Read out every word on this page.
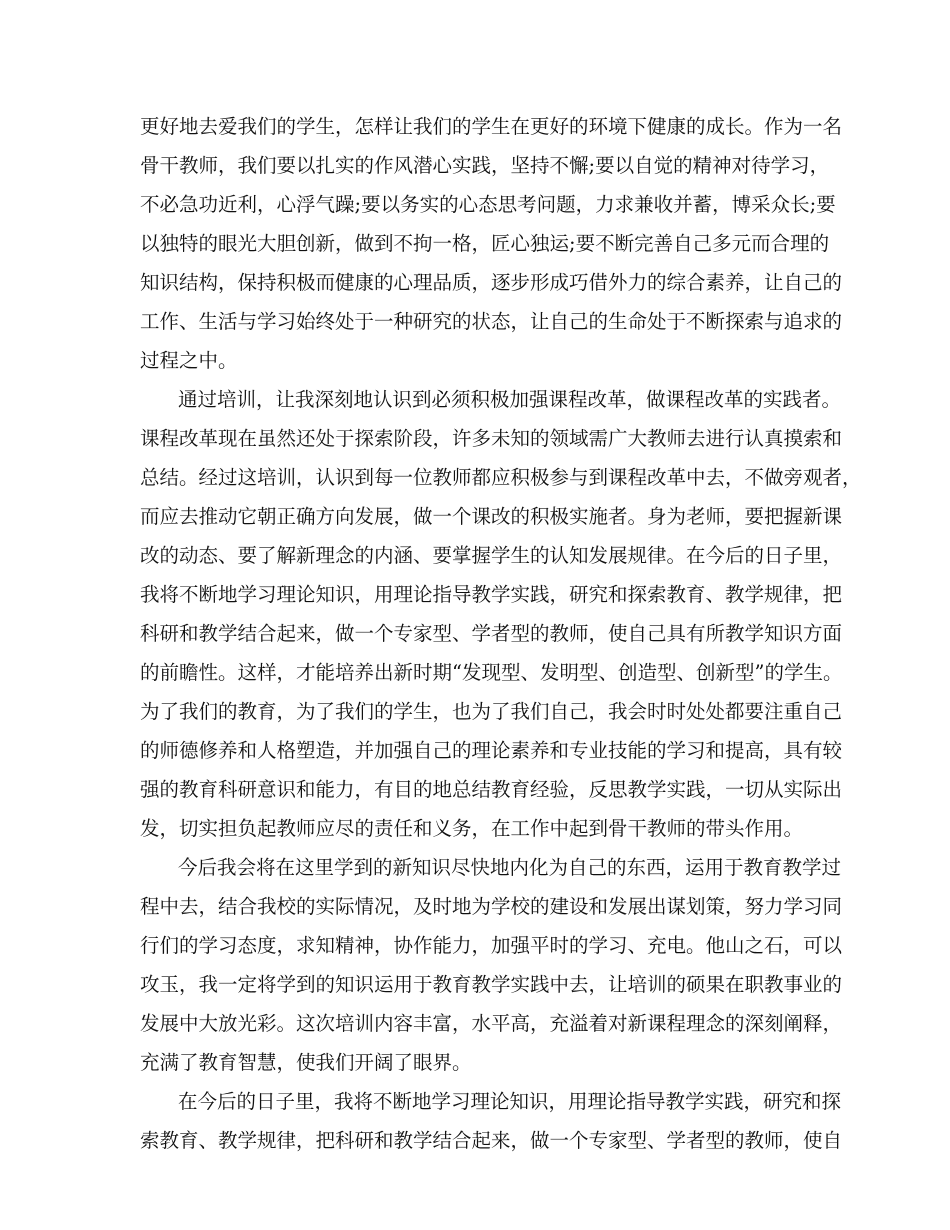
更好地去爱我们的学生，怎样让我们的学生在更好的环境下健康的成长。作为一名
骨干教师，我们要以扎实的作风潜心实践，坚持不懈;要以自觉的精神对待学习，
不必急功近利，心浮气躁;要以务实的心态思考问题，力求兼收并蓄，博采众长;要
以独特的眼光大胆创新，做到不拘一格，匠心独运;要不断完善自己多元而合理的
知识结构，保持积极而健康的心理品质，逐步形成巧借外力的综合素养，让自己的
工作、生活与学习始终处于一种研究的状态，让自己的生命处于不断探索与追求的
过程之中。
通过培训，让我深刻地认识到必须积极加强课程改革，做课程改革的实践者。
课程改革现在虽然还处于探索阶段，许多未知的领域需广大教师去进行认真摸索和
总结。经过这培训，认识到每一位教师都应积极参与到课程改革中去，不做旁观者，
而应去推动它朝正确方向发展，做一个课改的积极实施者。身为老师，要把握新课
改的动态、要了解新理念的内涵、要掌握学生的认知发展规律。在今后的日子里，
我将不断地学习理论知识，用理论指导教学实践，研究和探索教育、教学规律，把
科研和教学结合起来，做一个专家型、学者型的教师，使自己具有所教学知识方面
的前瞻性。这样，才能培养出新时期“发现型、发明型、创造型、创新型”的学生。
为了我们的教育，为了我们的学生，也为了我们自己，我会时时处处都要注重自己
的师德修养和人格塑造，并加强自己的理论素养和专业技能的学习和提高，具有较
强的教育科研意识和能力，有目的地总结教育经验，反思教学实践，一切从实际出
发，切实担负起教师应尽的责任和义务，在工作中起到骨干教师的带头作用。
今后我会将在这里学到的新知识尽快地内化为自己的东西，运用于教育教学过
程中去，结合我校的实际情况，及时地为学校的建设和发展出谋划策，努力学习同
行们的学习态度，求知精神，协作能力，加强平时的学习、充电。他山之石，可以
攻玉，我一定将学到的知识运用于教育教学实践中去，让培训的硕果在职教事业的
发展中大放光彩。这次培训内容丰富，水平高，充溢着对新课程理念的深刻阐释，
充满了教育智慧，使我们开阔了眼界。
在今后的日子里，我将不断地学习理论知识，用理论指导教学实践，研究和探
索教育、教学规律，把科研和教学结合起来，做一个专家型、学者型的教师，使自
